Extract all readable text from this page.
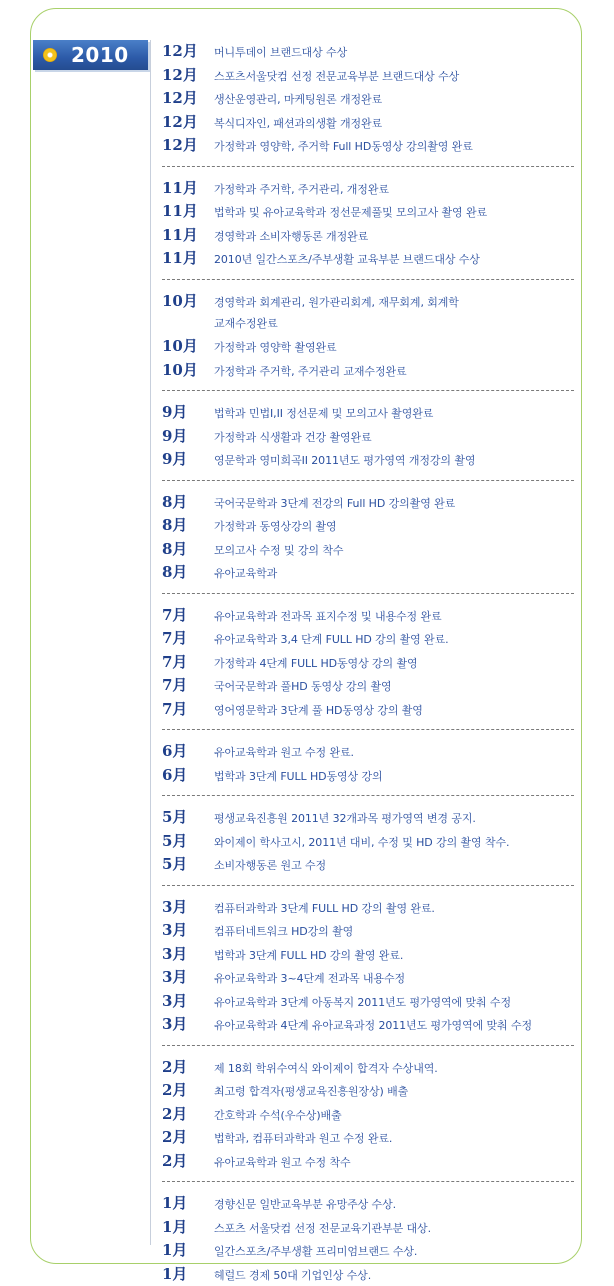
2010 12月 머니투데이 브랜드대상 수상
12月 스포츠서울닷컴 선정 전문교육부분 브랜드대상 수상
12月 생산운영관리, 마케팅원론 개정완료
12月 복식디자인, 패션과의생활 개정완료
12月 가정학과 영양학, 주거학 Full HD동영상 강의촬영 완료
11月 가정학과 주거학, 주거관리, 개정완료
11月 법학과 및 유아교육학과 정선문제풀및 모의고사 촬영 완료
11月 경영학과 소비자행동론 개정완료
11月 2010년 일간스포츠/주부생활 교육부분 브랜드대상 수상
10月 경영학과 회계관리, 원가관리회계, 재무회계, 회계학
교재수정완료
10月 가정학과 영양학 촬영완료
10月 가정학과 주거학, 주거관리 교재수정완료
9月 법학과 민법I,II 정선문제 및 모의고사 촬영완료
9月 가정학과 식생활과 건강 촬영완료
9月 영문학과 영미희곡II 2011년도 평가영역 개정강의 촬영
8月 국어국문학과 3단계 전강의 Full HD 강의촬영 완료
8月 가정학과 동영상강의 촬영
8月 모의고사 수정 및 강의 착수
8月 유아교육학과
7月 유아교육학과 전과목 표지수정 및 내용수정 완료
7月 유아교육학과 3,4 단계 FULL HD 강의 촬영 완료.
7月 가정학과 4단계 FULL HD동영상 강의 촬영
7月 국어국문학과 풀HD 동영상 강의 촬영
7月 영어영문학과 3단계 풀 HD동영상 강의 촬영
6月 유아교육학과 원고 수정 완료.
6月 법학과 3단계 FULL HD동영상 강의
5月 평생교육진흥원 2011년 32개과목 평가영역 변경 공지.
5月 와이제이 학사고시, 2011년 대비, 수정 및 HD 강의 촬영 착수.
5月 소비자행동론 원고 수정
3月 컴퓨터과학과 3단계 FULL HD 강의 촬영 완료.
3月 컴퓨터네트워크 HD강의 촬영
3月 법학과 3단계 FULL HD 강의 촬영 완료.
3月 유아교육학과 3~4단계 전과목 내용수정
3月 유아교육학과 3단계 아동복지 2011년도 평가영역에 맞춰 수정
3月 유아교육학과 4단계 유아교육과정 2011년도 평가영역에 맞춰 수정
2月 제 18회 학위수여식 와이제이 합격자 수상내역.
2月 최고령 합격자(평생교육진흥원장상) 배출
2月 간호학과 수석(우수상)배출
2月 법학과, 컴퓨터과학과 원고 수정 완료.
2月 유아교육학과 원고 수정 착수
1月 경향신문 일반교육부분 유망주상 수상.
1月 스포츠 서울닷컴 선정 전문교육기관부분 대상.
1月 일간스포츠/주부생활 프리미엄브랜드 수상.
1月 헤럴드 경제 50대 기업인상 수상.
